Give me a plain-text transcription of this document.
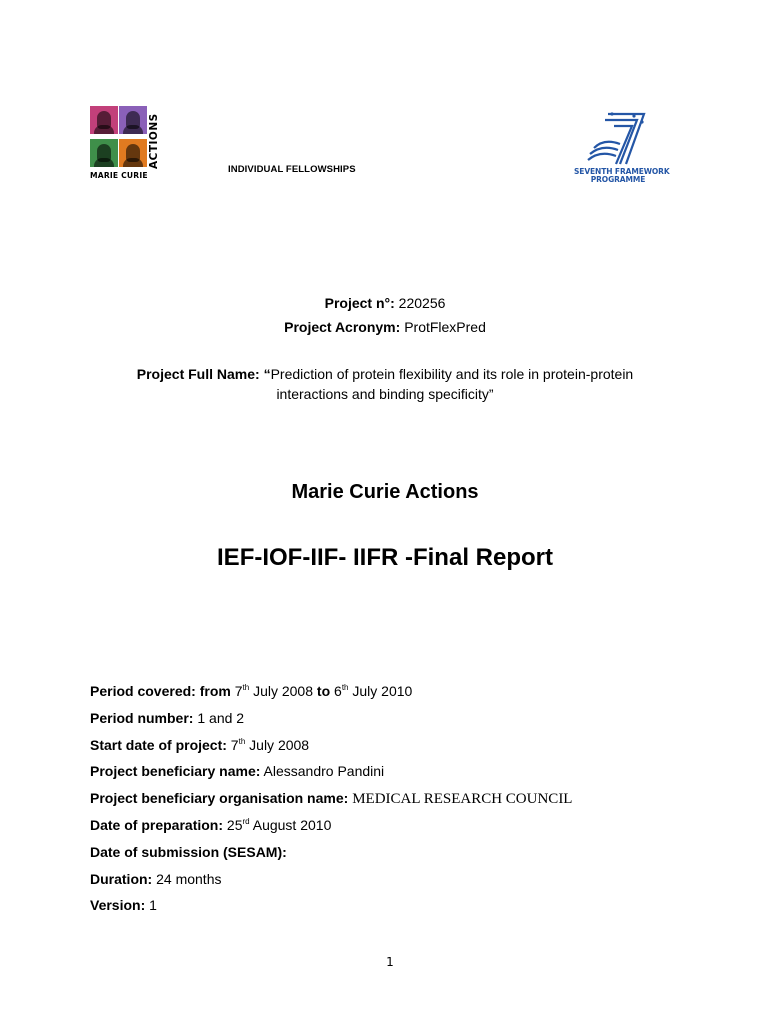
ACTIONS
MARIE CURIE
INDIVIDUAL FELLOWSHIPS	SEVENTH FRAMEWORK
PROGRAMME
Project n°: 220256
Project Acronym: ProtFlexPred
Project Full Name: “Prediction of protein flexibility and its role in protein-protein
interactions and binding specificity”
Marie Curie Actions
IEF-IOF-IIF- IIFR -Final Report
Period covered: from 7th July 2008 to 6th July 2010
Period number: 1 and 2
Start date of project: 7th July 2008
Project beneficiary name: Alessandro Pandini
Project beneficiary organisation name: MEDICAL RESEARCH COUNCIL
Date of preparation: 25rd August 2010
Date of submission (SESAM):
Duration: 24 months
Version: 1
1
